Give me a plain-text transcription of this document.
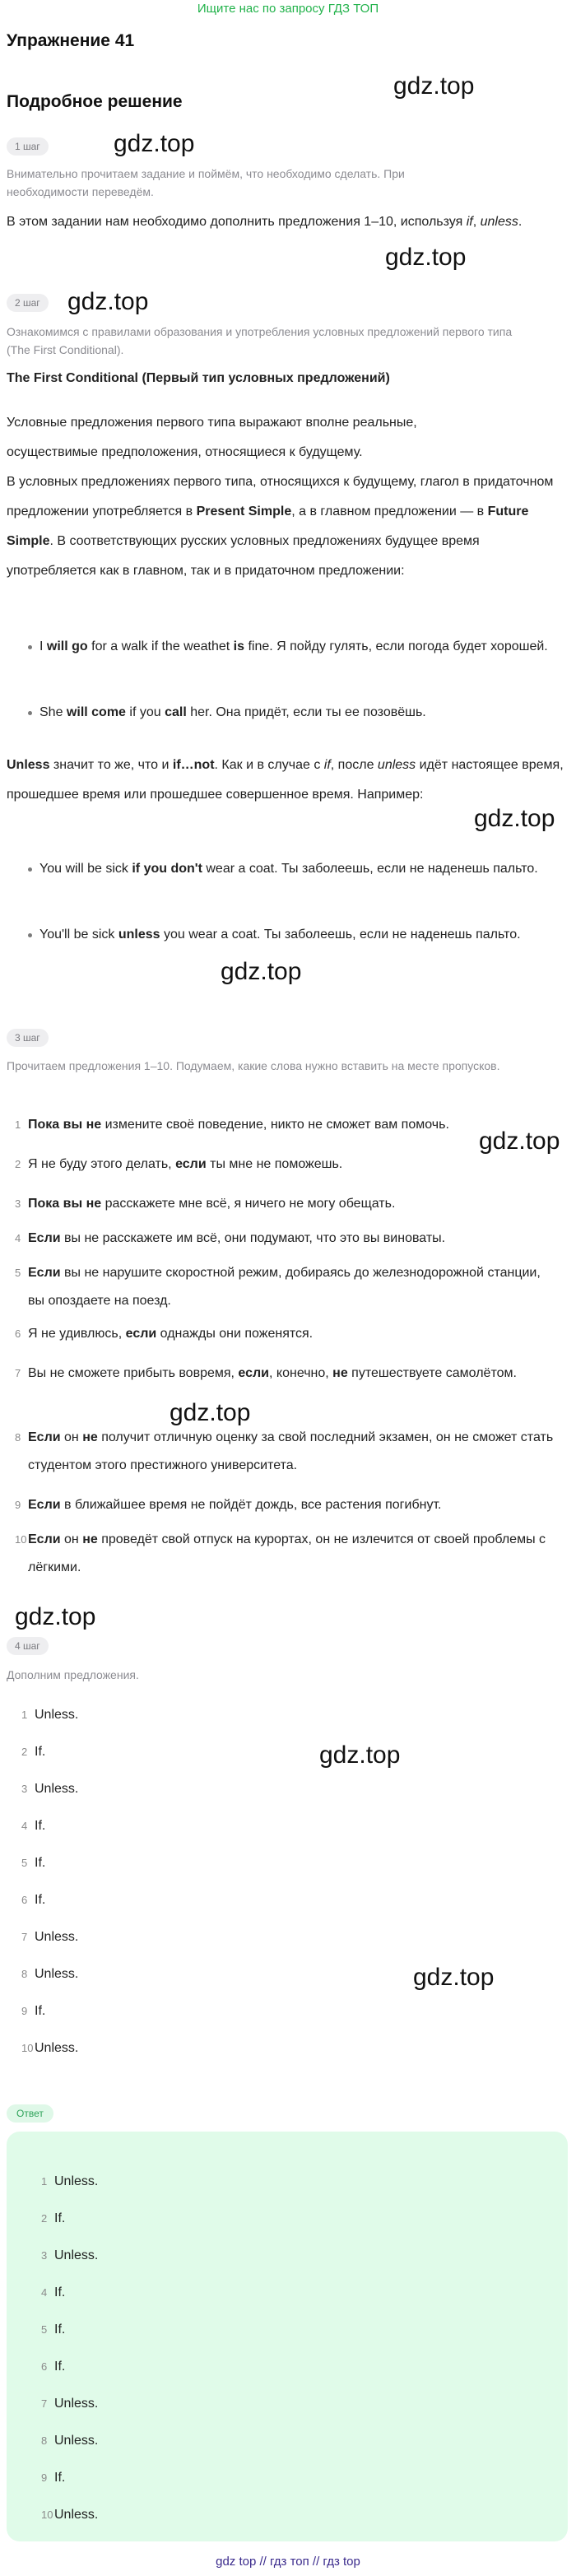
Ищите нас по запросу ГДЗ ТОП
Упражнение 41
Подробное решение
gdz.top
gdz.top
gdz.top
gdz.top
gdz.top
gdz.top
gdz.top
gdz.top
gdz.top
gdz.top
gdz.top
1 шаг
Внимательно прочитаем задание и поймём, что необходимо сделать. При необходимости переведём.
В этом задании нам необходимо дополнить предложения 1–10, используя if, unless.
2 шаг
Ознакомимся с правилами образования и употребления условных предложений первого типа (The First Conditional).
The First Conditional (Первый тип условных предложений)
Условные предложения первого типа выражают вполне реальные, осуществимые предположения, относящиеся к будущему.
В условных предложениях первого типа, относящихся к будущему, глагол в придаточном предложении употребляется в Present Simple, а в главном предложении — в Future Simple. В соответствующих русских условных предложениях будущее время употребляется как в главном, так и в придаточном предложении:
I will go for a walk if the weathet is fine. Я пойду гулять, если погода будет хорошей.
She will come if you call her. Она придёт, если ты ее позовёшь.
Unless значит то же, что и if…not. Как и в случае с if, после unless идёт настоящее время, прошедшее время или прошедшее совершенное время. Например:
You will be sick if you don't wear a coat. Ты заболеешь, если не наденешь пальто.
You'll be sick unless you wear a coat. Ты заболеешь, если не наденешь пальто.
3 шаг
Прочитаем предложения 1–10. Подумаем, какие слова нужно вставить на месте пропусков.
1 Пока вы не измените своё поведение, никто не сможет вам помочь.
2 Я не буду этого делать, если ты мне не поможешь.
3 Пока вы не расскажете мне всё, я ничего не могу обещать.
4 Если вы не расскажете им всё, они подумают, что это вы виноваты.
5 Если вы не нарушите скоростной режим, добираясь до железнодорожной станции, вы опоздаете на поезд.
6 Я не удивлюсь, если однажды они поженятся.
7 Вы не сможете прибыть вовремя, если, конечно, не путешествуете самолётом.
8 Если он не получит отличную оценку за свой последний экзамен, он не сможет стать студентом этого престижного университета.
9 Если в ближайшее время не пойдёт дождь, все растения погибнут.
10 Если он не проведёт свой отпуск на курортах, он не излечится от своей проблемы с лёгкими.
4 шаг
Дополним предложения.
1 Unless.
2 If.
3 Unless.
4 If.
5 If.
6 If.
7 Unless.
8 Unless.
9 If.
10 Unless.
Ответ
1 Unless.
2 If.
3 Unless.
4 If.
5 If.
6 If.
7 Unless.
8 Unless.
9 If.
10 Unless.
gdz top // гдз топ // гдз top
